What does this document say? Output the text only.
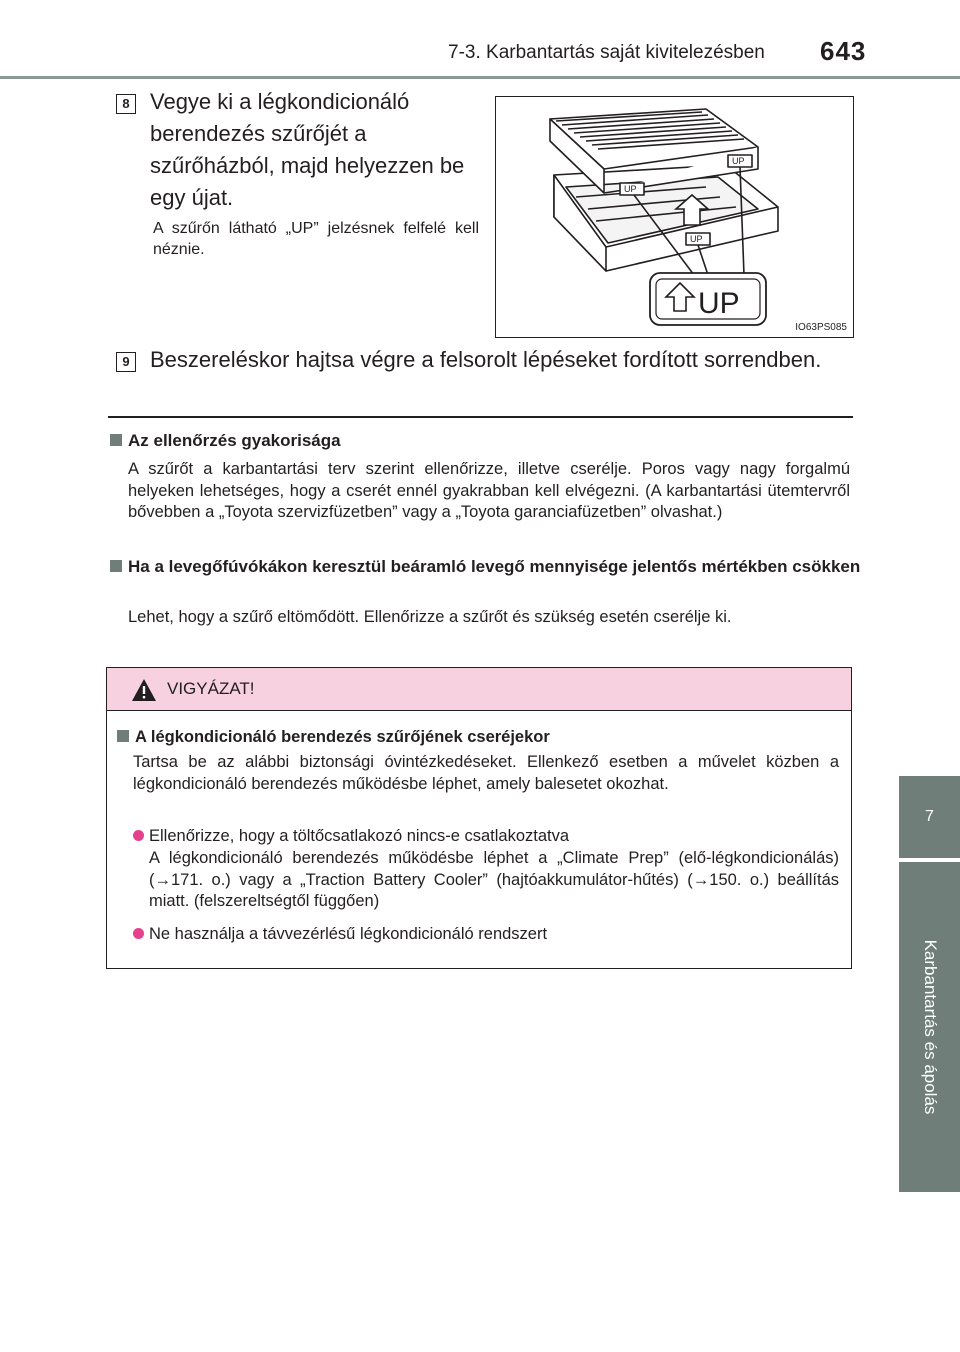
7-3. Karbantartás saját kivitelezésben 643
7
Karbantartás és ápolás
8 Vegye ki a légkondicionáló berendezés szűrőjét a szűrőházból, majd helyezzen be egy újat.
A szűrőn látható „UP” jelzésnek felfelé kell néznie.
UP
UP
UP
UP
IO63PS085
9 Beszereléskor hajtsa végre a felsorolt lépéseket fordított sorrendben.
Az ellenőrzés gyakorisága
A szűrőt a karbantartási terv szerint ellenőrizze, illetve cserélje. Poros vagy nagy forgalmú helyeken lehetséges, hogy a cserét ennél gyakrabban kell elvégezni. (A karbantartási ütemtervről bővebben a „Toyota szervizfüzetben” vagy a „Toyota garanciafüzetben” olvashat.)
Ha a levegőfúvókákon keresztül beáramló levegő mennyisége jelentős mértékben csökken
Lehet, hogy a szűrő eltömődött. Ellenőrizze a szűrőt és szükség esetén cserélje ki.
VIGYÁZAT!
A légkondicionáló berendezés szűrőjének cseréjekor
Tartsa be az alábbi biztonsági óvintézkedéseket. Ellenkező esetben a művelet közben a légkondicionáló berendezés működésbe léphet, amely balesetet okozhat.
Ellenőrizze, hogy a töltőcsatlakozó nincs-e csatlakoztatva
A légkondicionáló berendezés működésbe léphet a „Climate Prep” (elő-légkondicionálás) (→171. o.) vagy a „Traction Battery Cooler” (hajtóakkumulátor-hűtés) (→150. o.) beállítás miatt. (felszereltségtől függően)
Ne használja a távvezérlésű légkondicionáló rendszert
